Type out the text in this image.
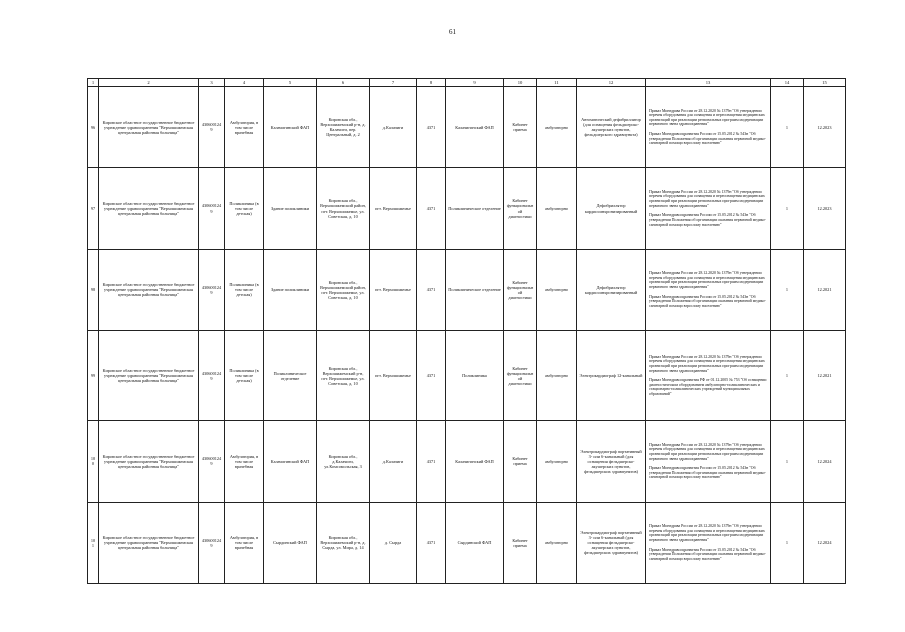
61
1	2	3	4	5	6	7	8	9	10	11	12	13	14	15
96	Кировское областное государственное бюджетное учреждение здравоохранения "Верхошижемская центральная районная больница"	4306001249	Амбулатория, в том числе врачебная	Калачигинский ФАП	Кировская обл., Верхошижемский р-н, д. Калачиги, пер. Центральный, д. 2	д.Калачиги	4371	Калачигинский ФАП	Кабинет приема	амбулаторно	Автоматический дефибриллятор (для оснащения фельдшерско-акушерских пунктов, фельдшерского здравпункта)	Приказ Минздрава России от 28.12.2020 № 1379н "Об утверждении перечня оборудования для оснащения и переоснащения медицинских организаций при реализации региональных программ модернизации первичного звена здравоохранения"

Приказ Минздравсоцразвития России от 15.05.2012 № 543н "Об утверждении Положения об организации оказания первичной медико-санитарной помощи взрослому населению"	1	12.2023
97	Кировское областное государственное бюджетное учреждение здравоохранения "Верхошижемская центральная районная больница"	4306001249	Поликлиника (в том числе детская)	Здание поликлиники	Кировская обл., Верхошижемский район, пгт. Верхошижемье, ул. Советская, д. 10	пгт. Верхошижемье	4371	Поликлиническое отделение	Кабинет функциональной диагностики	амбулаторно	Дефибриллятор кардиосинхронизированный	Приказ Минздрава России от 28.12.2020 № 1379н "Об утверждении перечня оборудования для оснащения и переоснащения медицинских организаций при реализации региональных программ модернизации первичного звена здравоохранения"

Приказ Минздравсоцразвития России от 15.05.2012 № 543н "Об утверждении Положения об организации оказания первичной медико-санитарной помощи взрослому населению"	1	12.2023
98	Кировское областное государственное бюджетное учреждение здравоохранения "Верхошижемская центральная районная больница"	4306001249	Поликлиника (в том числе детская)	Здание поликлиники	Кировская обл., Верхошижемский район, пгт. Верхошижемье, ул. Советская, д. 10	пгт. Верхошижемье	4371	Поликлиническое отделение	Кабинет функциональной диагностики	амбулаторно	Дефибриллятор кардиосинхронизированный	Приказ Минздрава России от 28.12.2020 № 1379н "Об утверждении перечня оборудования для оснащения и переоснащения медицинских организаций при реализации региональных программ модернизации первичного звена здравоохранения"

Приказ Минздравсоцразвития России от 15.05.2012 № 543н "Об утверждении Положения об организации оказания первичной медико-санитарной помощи взрослому населению"	1	12.2021
99	Кировское областное государственное бюджетное учреждение здравоохранения "Верхошижемская центральная районная больница"	4306001249	Поликлиника (в том числе детская)	Поликлиническое отделение	Кировская обл., Верхошижемский р-н, пгт. Верхошижемье, ул. Советская, д. 10	пгт. Верхошижемье	4371	Поликлиника	Кабинет функциональной диагностики	амбулаторно	Электрокардиограф 12-канальный	Приказ Минздрава России от 28.12.2020 № 1379н "Об утверждении перечня оборудования для оснащения и переоснащения медицинских организаций при реализации региональных программ модернизации первичного звена здравоохранения"

Приказ Минздравсоцразвития РФ от 01.12.2005 № 753 "Об оснащении диагностическим оборудованием амбулаторно-поликлинических и стационарно-поликлинических учреждений муниципальных образований"	1	12.2021
100	Кировское областное государственное бюджетное учреждение здравоохранения "Верхошижемская центральная районная больница"	4306001249	Амбулатория, в том числе врачебная	Калачигинский ФАП	Кировская обл., д.Калачиги, ул.Комсомольская, 3	д.Калачиги	4371	Калачигинский ФАП	Кабинет приема	амбулаторно	Электрокардиограф портативный 3- или 6-канальный (для оснащения фельдшерско-акушерских пунктов, фельдшерских здравпунктов)	Приказ Минздрава России от 28.12.2020 № 1379н "Об утверждении перечня оборудования для оснащения и переоснащения медицинских организаций при реализации региональных программ модернизации первичного звена здравоохранения"

Приказ Минздравсоцразвития России от 15.05.2012 № 543н "Об утверждении Положения об организации оказания первичной медико-санитарной помощи взрослому населению"	1	12.2024
101	Кировское областное государственное бюджетное учреждение здравоохранения "Верхошижемская центральная районная больница"	4306001249	Амбулатория, в том числе врачебная	Сырдинский ФАП	Кировская обл., Верхошижемский р-н, д. Сырда, ул. Мира, д. 14	д. Сырда	4371	Сырдинский ФАП	Кабинет приема	амбулаторно	Электрокардиограф портативный 3- или 6-канальный (для оснащения фельдшерско-акушерских пунктов, фельдшерских здравпунктов)	Приказ Минздрава России от 28.12.2020 № 1379н "Об утверждении перечня оборудования для оснащения и переоснащения медицинских организаций при реализации региональных программ модернизации первичного звена здравоохранения"

Приказ Минздравсоцразвития России от 15.05.2012 № 543н "Об утверждении Положения об организации оказания первичной медико-санитарной помощи взрослому населению"	1	12.2024
